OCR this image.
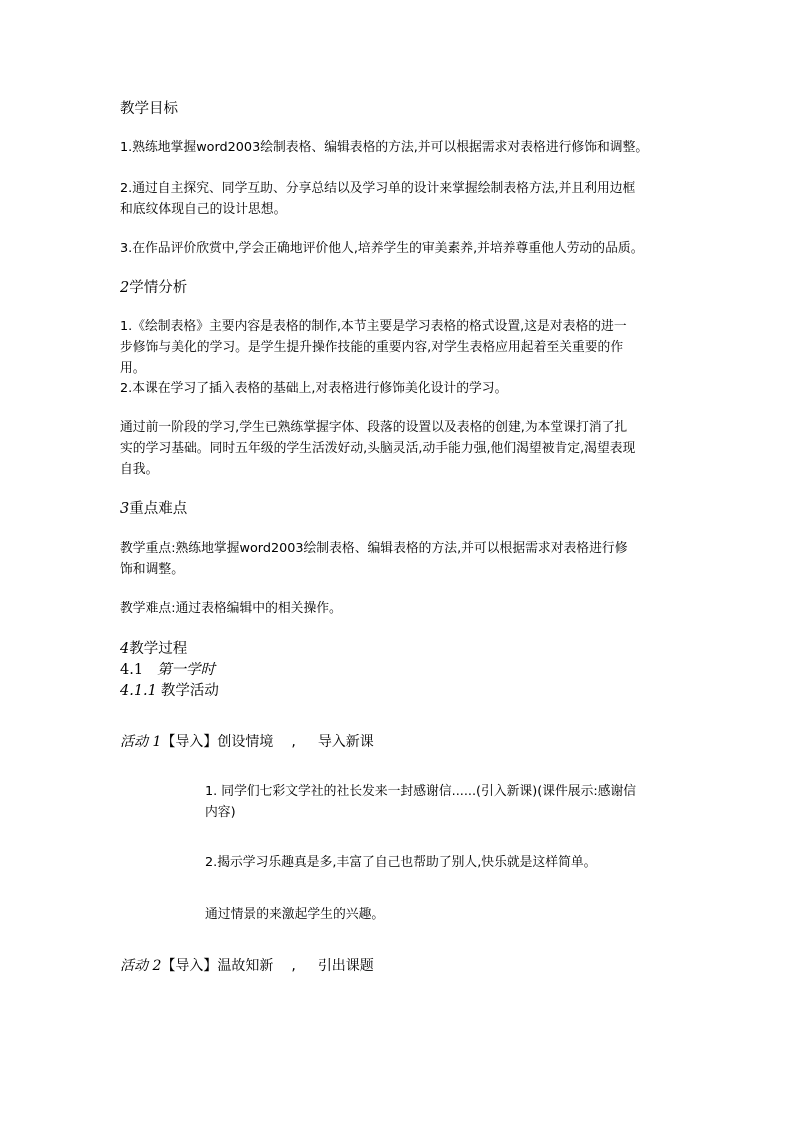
教学目标
1.熟练地掌握word2003绘制表格、编辑表格的方法,并可以根据需求对表格进行修饰和调整。
2.通过自主探究、同学互助、分享总结以及学习单的设计来掌握绘制表格方法,并且利用边框
和底纹体现自己的设计思想。
3.在作品评价欣赏中,学会正确地评价他人,培养学生的审美素养,并培养尊重他人劳动的品质。
2学情分析
1.《绘制表格》主要内容是表格的制作,本节主要是学习表格的格式设置,这是对表格的进一
步修饰与美化的学习。是学生提升操作技能的重要内容,对学生表格应用起着至关重要的作
用。
2.本课在学习了插入表格的基础上,对表格进行修饰美化设计的学习。
通过前一阶段的学习,学生已熟练掌握字体、段落的设置以及表格的创建,为本堂课打消了扎
实的学习基础。同时五年级的学生活泼好动,头脑灵活,动手能力强,他们渴望被肯定,渴望表现
自我。
3重点难点
教学重点:熟练地掌握word2003绘制表格、编辑表格的方法,并可以根据需求对表格进行修
饰和调整。
教学难点:通过表格编辑中的相关操作。
4教学过程
4.1 第一学时
4.1.1 教学活动
活动 1【导入】创设情境 , 导入新课
1. 同学们七彩文学社的社长发来一封感谢信......(引入新课)(课件展示:感谢信
内容)
2.揭示学习乐趣真是多,丰富了自己也帮助了别人,快乐就是这样简单。
通过情景的来激起学生的兴趣。
活动 2【导入】温故知新 , 引出课题
